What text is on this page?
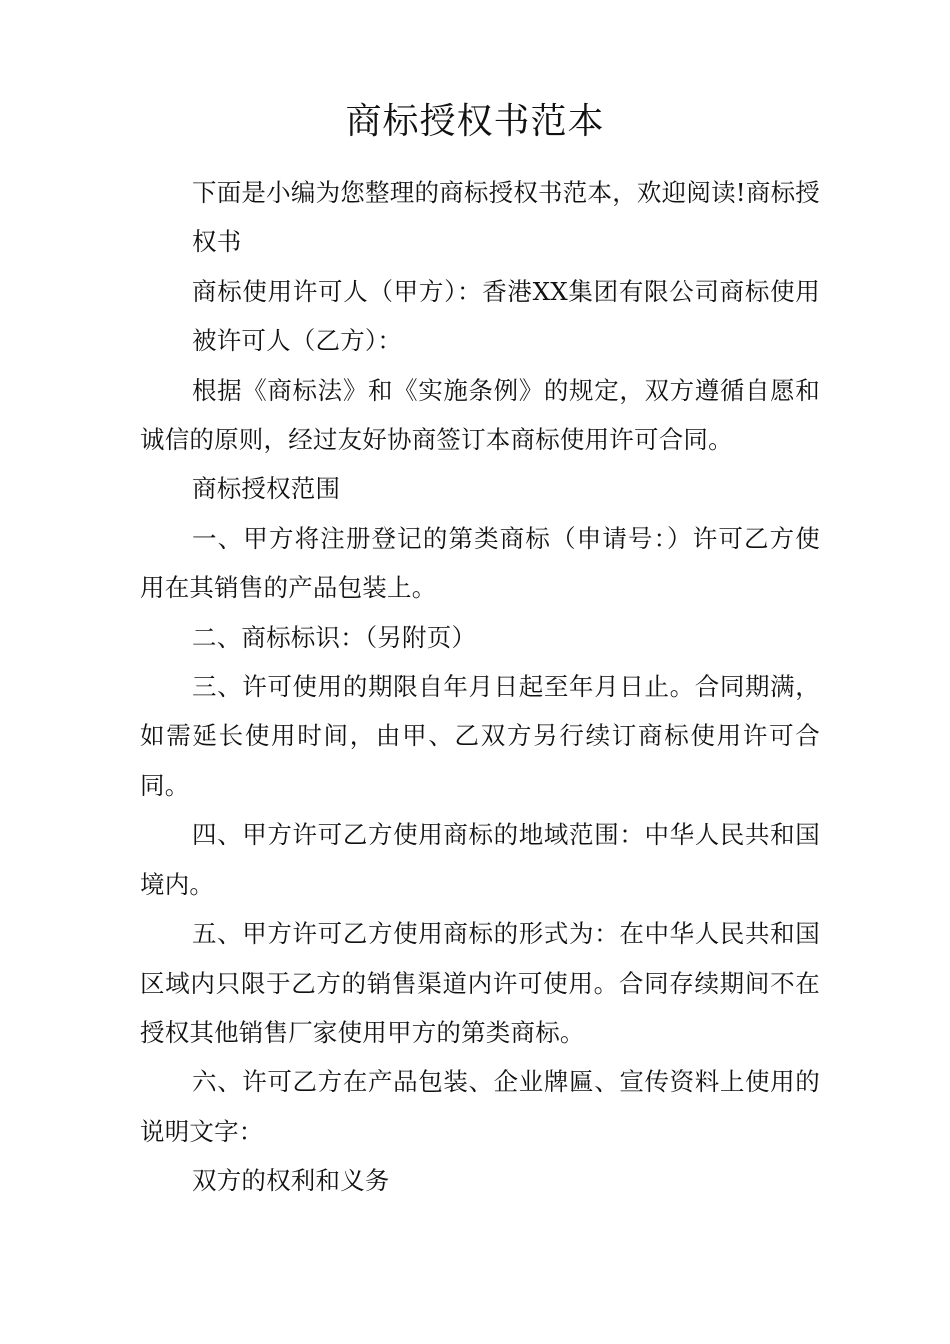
商标授权书范本

下面是小编为您整理的商标授权书范本，欢迎阅读!商标授权书

商标使用许可人（甲方）：香港XX集团有限公司商标使用被许可人（乙方）：

根据《商标法》和《实施条例》的规定，双方遵循自愿和诚信的原则，经过友好协商签订本商标使用许可合同。

商标授权范围

一、甲方将注册登记的第类商标（申请号：）许可乙方使用在其销售的产品包装上。

二、商标标识：（另附页）

三、许可使用的期限自年月日起至年月日止。合同期满，如需延长使用时间，由甲、乙双方另行续订商标使用许可合同。

四、甲方许可乙方使用商标的地域范围：中华人民共和国境内。

五、甲方许可乙方使用商标的形式为：在中华人民共和国区域内只限于乙方的销售渠道内许可使用。合同存续期间不在授权其他销售厂家使用甲方的第类商标。

六、许可乙方在产品包装、企业牌匾、宣传资料上使用的说明文字：

双方的权利和义务
